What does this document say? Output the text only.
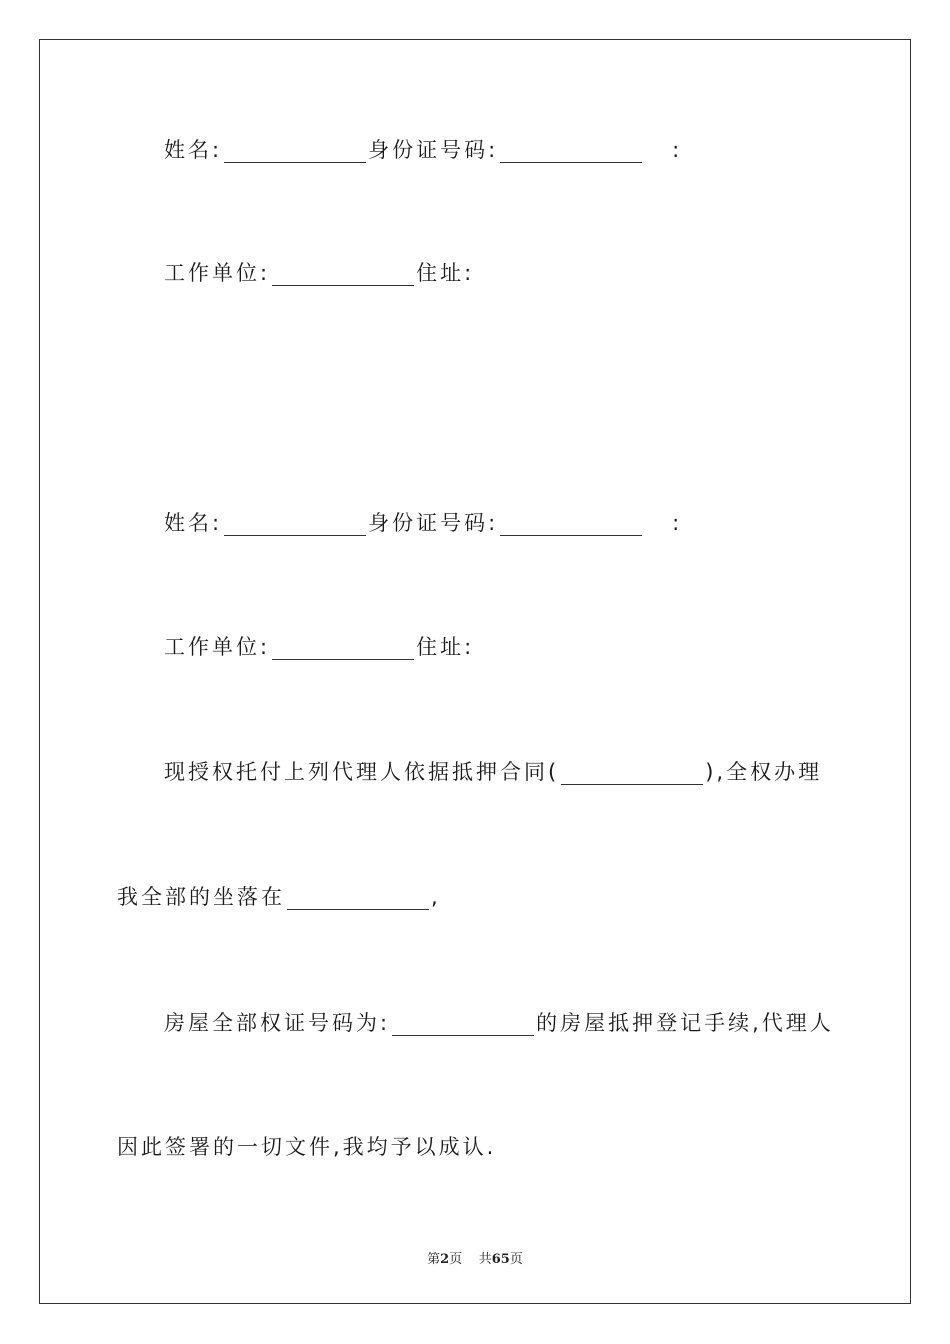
姓名:	身份证号码:	:
工作单位:	住址:
姓名:	身份证号码:	:
工作单位:	住址:
现授权托付上列代理人依据抵押合同(	),全权办理
我全部的坐落在	,
房屋全部权证号码为:	的房屋抵押登记手续,代理人
因此签署的一切文件,我均予以成认.
第2页 共65页
